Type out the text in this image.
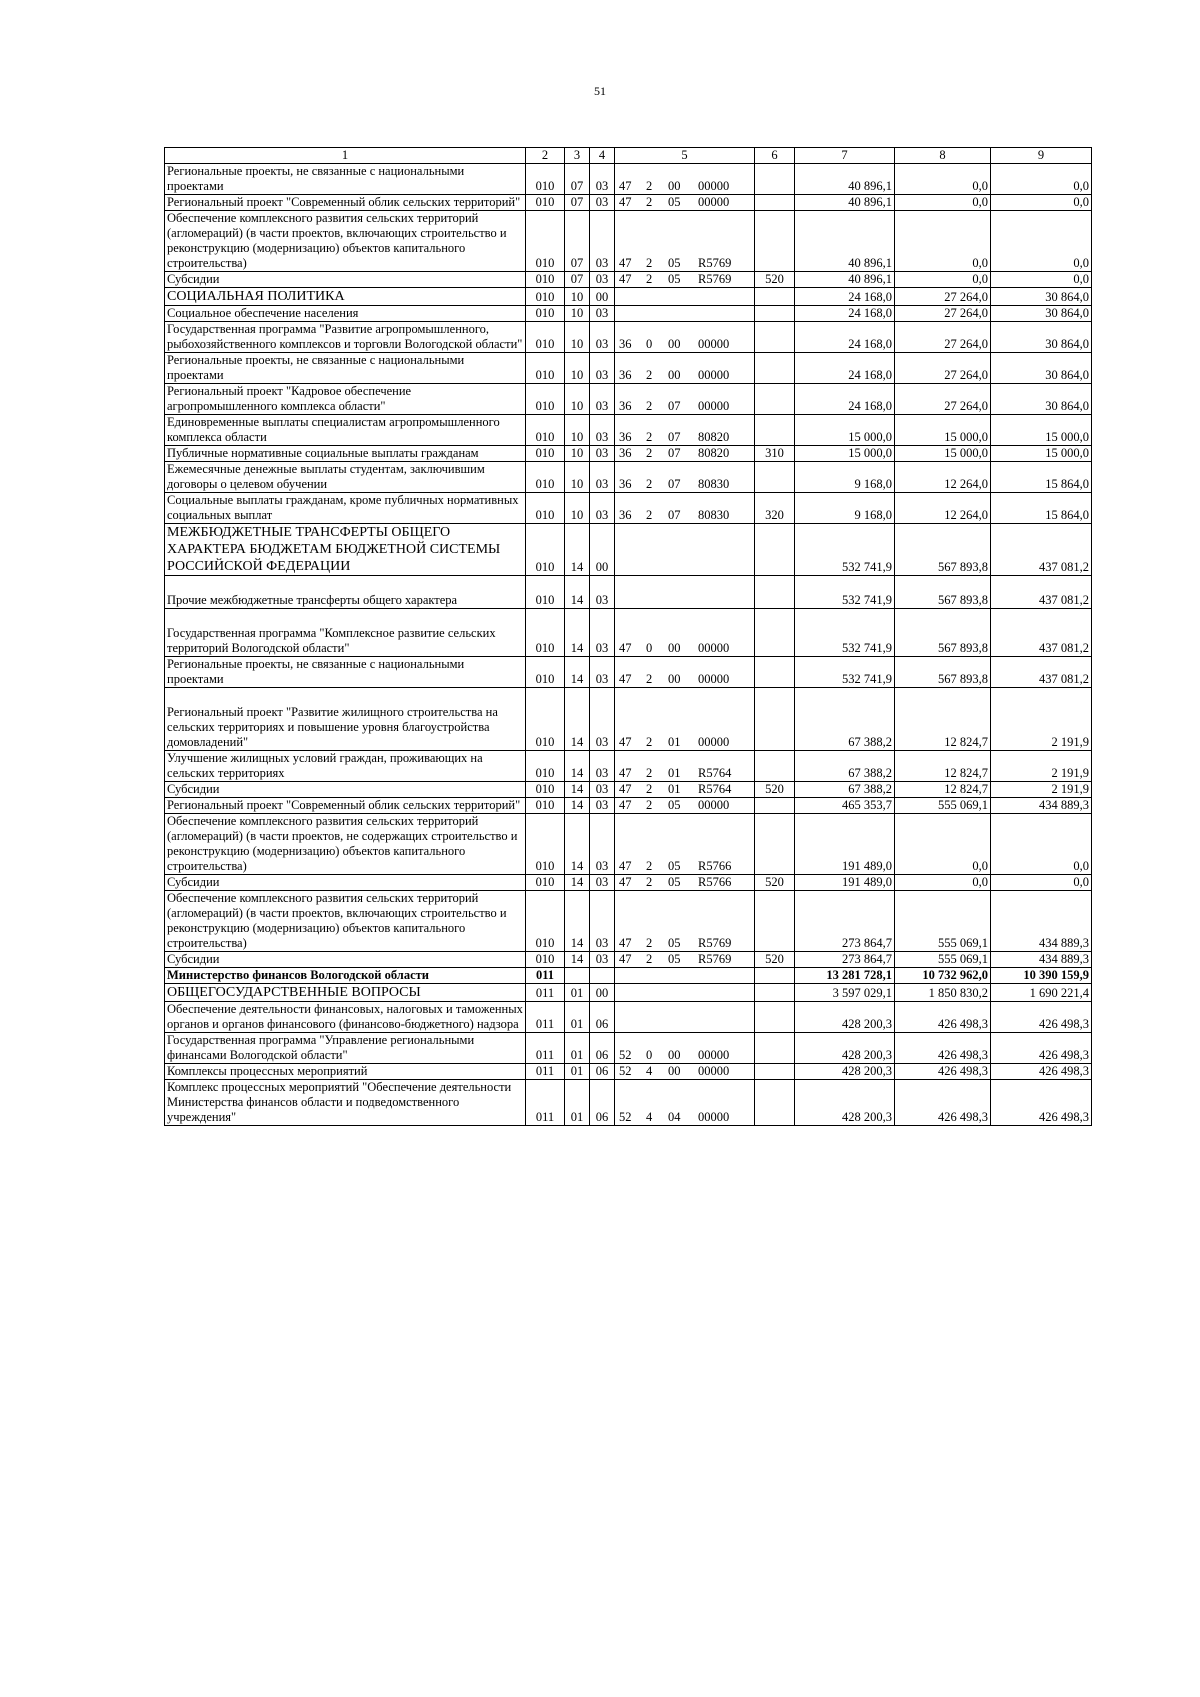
51
1	2	3	4	5	6	7	8	9
Региональные проекты, не связанные с национальными проектами	010	07	03	47 2 00 00000		40 896,1	0,0	0,0
Региональный проект "Современный облик сельских территорий"	010	07	03	47 2 05 00000		40 896,1	0,0	0,0
Обеспечение комплексного развития сельских территорий (агломераций) (в части проектов, включающих строительство и реконструкцию (модернизацию) объектов капитального строительства)	010	07	03	47 2 05 R5769		40 896,1	0,0	0,0
Субсидии	010	07	03	47 2 05 R5769	520	40 896,1	0,0	0,0
СОЦИАЛЬНАЯ ПОЛИТИКА	010	10	00			24 168,0	27 264,0	30 864,0
Социальное обеспечение населения	010	10	03			24 168,0	27 264,0	30 864,0
Государственная программа "Развитие агропромышленного, рыбохозяйственного комплексов и торговли Вологодской области"	010	10	03	36 0 00 00000		24 168,0	27 264,0	30 864,0
Региональные проекты, не связанные с национальными проектами	010	10	03	36 2 00 00000		24 168,0	27 264,0	30 864,0
Региональный проект "Кадровое обеспечение агропромышленного комплекса области"	010	10	03	36 2 07 00000		24 168,0	27 264,0	30 864,0
Единовременные выплаты специалистам агропромышленного комплекса области	010	10	03	36 2 07 80820		15 000,0	15 000,0	15 000,0
Публичные нормативные социальные выплаты гражданам	010	10	03	36 2 07 80820	310	15 000,0	15 000,0	15 000,0
Ежемесячные денежные выплаты студентам, заключившим договоры о целевом обучении	010	10	03	36 2 07 80830		9 168,0	12 264,0	15 864,0
Социальные выплаты гражданам, кроме публичных нормативных социальных выплат	010	10	03	36 2 07 80830	320	9 168,0	12 264,0	15 864,0
МЕЖБЮДЖЕТНЫЕ ТРАНСФЕРТЫ ОБЩЕГО ХАРАКТЕРА БЮДЖЕТАМ БЮДЖЕТНОЙ СИСТЕМЫ РОССИЙСКОЙ ФЕДЕРАЦИИ	010	14	00			532 741,9	567 893,8	437 081,2

Прочие межбюджетные трансферты общего характера	010	14	03			532 741,9	567 893,8	437 081,2

Государственная программа "Комплексное развитие сельских территорий Вологодской области"	010	14	03	47 0 00 00000		532 741,9	567 893,8	437 081,2
Региональные проекты, не связанные с национальными проектами	010	14	03	47 2 00 00000		532 741,9	567 893,8	437 081,2

Региональный проект "Развитие жилищного строительства на сельских территориях и повышение уровня благоустройства домовладений"	010	14	03	47 2 01 00000		67 388,2	12 824,7	2 191,9
Улучшение жилищных условий граждан, проживающих на сельских территориях	010	14	03	47 2 01 R5764		67 388,2	12 824,7	2 191,9
Субсидии	010	14	03	47 2 01 R5764	520	67 388,2	12 824,7	2 191,9
Региональный проект "Современный облик сельских территорий"	010	14	03	47 2 05 00000		465 353,7	555 069,1	434 889,3
Обеспечение комплексного развития сельских территорий (агломераций) (в части проектов, не содержащих строительство и реконструкцию (модернизацию) объектов капитального строительства)	010	14	03	47 2 05 R5766		191 489,0	0,0	0,0
Субсидии	010	14	03	47 2 05 R5766	520	191 489,0	0,0	0,0
Обеспечение комплексного развития сельских территорий (агломераций) (в части проектов, включающих строительство и реконструкцию (модернизацию) объектов капитального строительства)	010	14	03	47 2 05 R5769		273 864,7	555 069,1	434 889,3
Субсидии	010	14	03	47 2 05 R5769	520	273 864,7	555 069,1	434 889,3
Министерство финансов Вологодской области	011					13 281 728,1	10 732 962,0	10 390 159,9
ОБЩЕГОСУДАРСТВЕННЫЕ ВОПРОСЫ	011	01	00			3 597 029,1	1 850 830,2	1 690 221,4
Обеспечение деятельности финансовых, налоговых и таможенных органов и органов финансового (финансово-бюджетного) надзора	011	01	06			428 200,3	426 498,3	426 498,3
Государственная программа "Управление региональными финансами Вологодской области"	011	01	06	52 0 00 00000		428 200,3	426 498,3	426 498,3
Комплексы процессных мероприятий	011	01	06	52 4 00 00000		428 200,3	426 498,3	426 498,3
Комплекс процессных мероприятий "Обеспечение деятельности Министерства финансов области и подведомственного учреждения"	011	01	06	52 4 04 00000		428 200,3	426 498,3	426 498,3
